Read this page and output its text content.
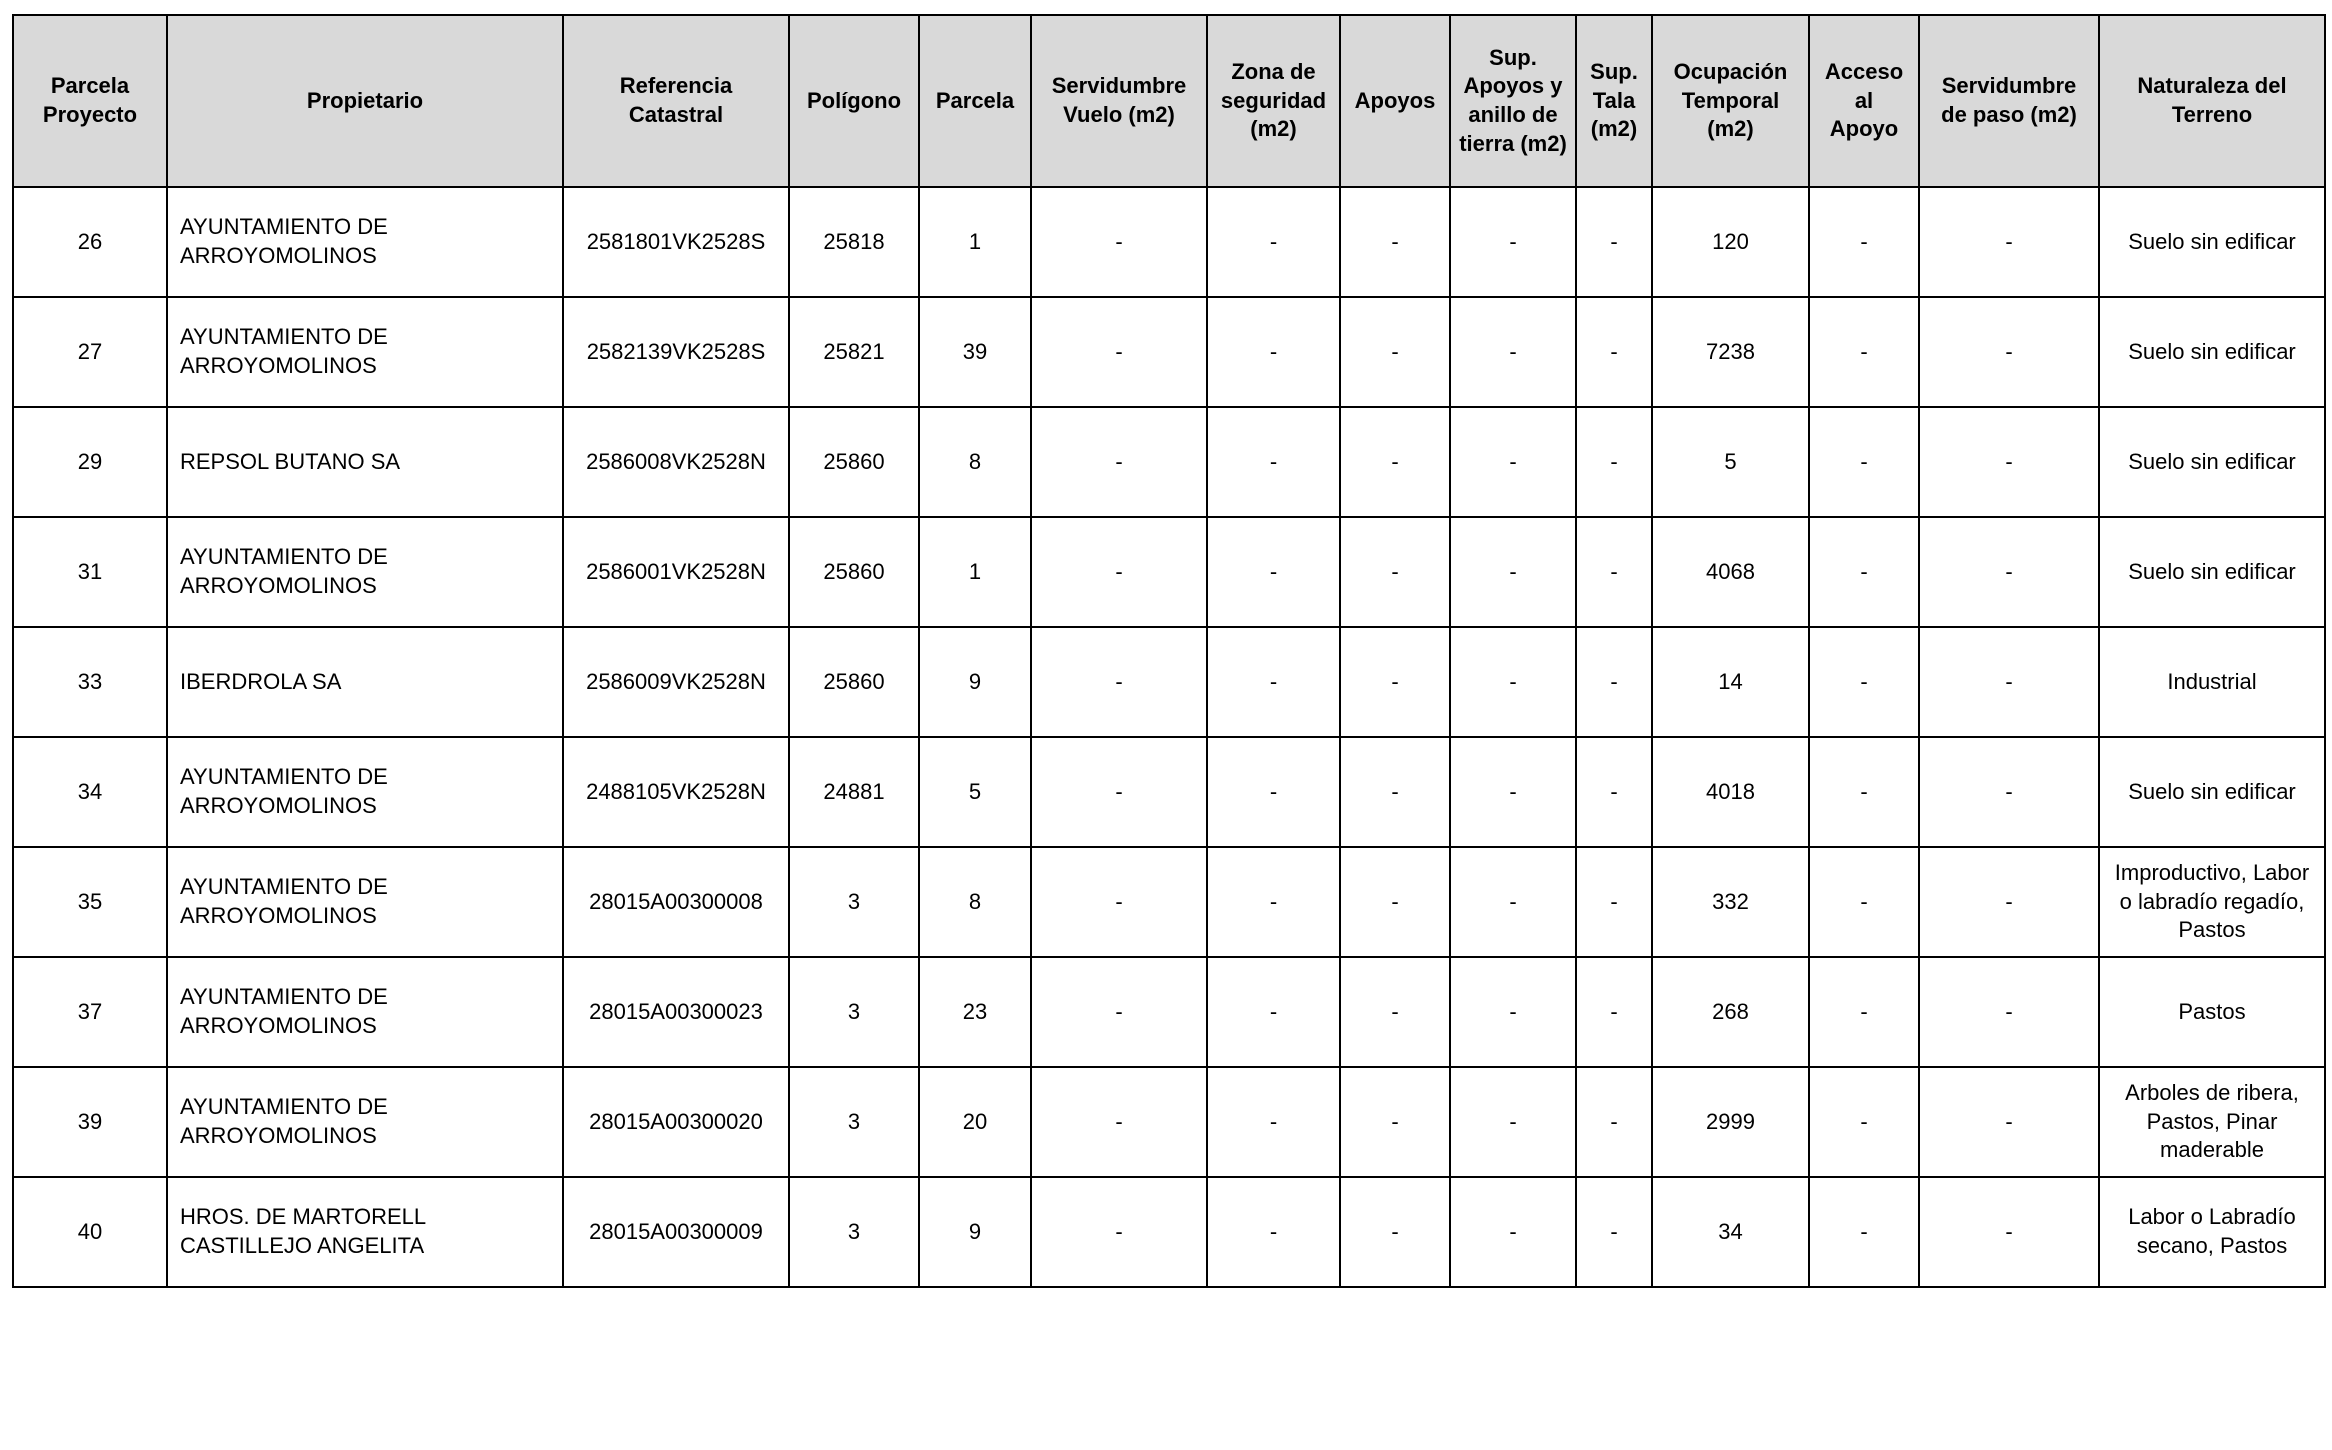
Parcela Proyecto	Propietario	Referencia Catastral	Polígono	Parcela	Servidumbre Vuelo (m2)	Zona de seguridad (m2)	Apoyos	Sup. Apoyos y anillo de tierra (m2)	Sup. Tala (m2)	Ocupación Temporal (m2)	Acceso al Apoyo	Servidumbre de paso (m2)	Naturaleza del Terreno
26	AYUNTAMIENTO DE ARROYOMOLINOS	2581801VK2528S	25818	1	-	-	-	-	-	120	-	-	Suelo sin edificar
27	AYUNTAMIENTO DE ARROYOMOLINOS	2582139VK2528S	25821	39	-	-	-	-	-	7238	-	-	Suelo sin edificar
29	REPSOL BUTANO SA	2586008VK2528N	25860	8	-	-	-	-	-	5	-	-	Suelo sin edificar
31	AYUNTAMIENTO DE ARROYOMOLINOS	2586001VK2528N	25860	1	-	-	-	-	-	4068	-	-	Suelo sin edificar
33	IBERDROLA SA	2586009VK2528N	25860	9	-	-	-	-	-	14	-	-	Industrial
34	AYUNTAMIENTO DE ARROYOMOLINOS	2488105VK2528N	24881	5	-	-	-	-	-	4018	-	-	Suelo sin edificar
35	AYUNTAMIENTO DE ARROYOMOLINOS	28015A00300008	3	8	-	-	-	-	-	332	-	-	Improductivo, Labor o labradío regadío, Pastos
37	AYUNTAMIENTO DE ARROYOMOLINOS	28015A00300023	3	23	-	-	-	-	-	268	-	-	Pastos
39	AYUNTAMIENTO DE ARROYOMOLINOS	28015A00300020	3	20	-	-	-	-	-	2999	-	-	Arboles de ribera, Pastos, Pinar maderable
40	HROS. DE MARTORELL CASTILLEJO ANGELITA	28015A00300009	3	9	-	-	-	-	-	34	-	-	Labor o Labradío secano, Pastos
